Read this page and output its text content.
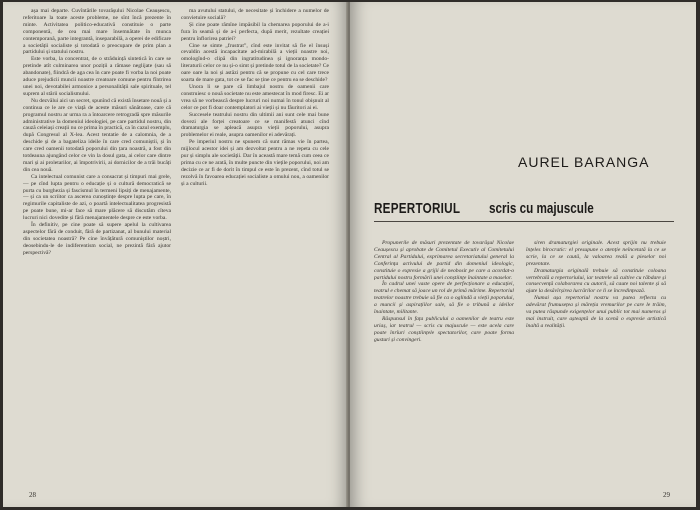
așa mai departe. Cuvîntările tovarășului Nicolae Ceaușescu, referitoare la toate aceste probleme, ne sînt încă prezente în minte. Activitatea politico-educativă constituie o parte componentă, de cea mai mare însemnătate în munca contemporană, parte integrantă, inseparabilă, a operei de edificare a societății socialiste și totodată o preocupare de prim plan a partidului și statului nostru.

Este vorba, la concentrat, de o străduință sintetică în care se pretinde atît culminarea unor poziții a rămase neglijate (sau să abandonate), fiindcă de aga cea în care poate fi vorba la noi poate aduce prejudicii muncii noastre creatoare comune pentru fîntrirea unei noi, devotabilei armonice a personalității sale spirituale, tel suprem al stării socialismului.

Nu dezvălui aici un secret, spunînd că există însetare nouă și a continua ce le are ce viață de aceste măsuri sănătoase, care că programul nostru ar urma ra a întoarcere retrogradă spre măsurile administrative la domeniul ideologiei, pe care partidul nostru, din cauză celeiași creații nu ce prima în practică, ca în cazul exemplu, după Congresul al X-lea. Acest tentatie de a calomnia, de a deschide și de a bagateliza ideile în care cred comuniștii, și în care cred oamenii totodată poporului din țara noastră, a fost din totdeauna ajungând celor ce vin la dosul gata, ai celor care dintre mari și ai proletarilor, ai împotrivirii, ai dornicilor de a trăi bucăți din cea nouă.

Ca intelectual comunist care a consacrat și timpuri mai grele, — pe cînd lupta pentru o educație și o cultură democratică se purta cu burghezia și fascismul în termeni lipsiți de menajamente, — și ca un scriitor ca ascerea cunoștințe despre lupta pe care, în regimurile capitaliste de azi, o poartă intelectualitatea progresistă pe poate bune, mi-ar face să mare plăcere să discutăm cîteva lucruri nici dovedite și fără menajamentele despre ce este vorba.

În definitiv, pe cine poate să supere apelul la cultivarea aspectelor fără de conduit, fără de partizanat, al bunului material din societatea noastră? Pe cine învățătură comuniștilor noștri, deosebindu-le de indiferentism social, ne prezintă fără ajutor perspectivă?

ma avutului statului, de necesitate și închidere a numelor de convietuire socială?

Și cine poate rămîne impăsibil la chemarea poporului de a-i fura în seamă și de a-i perfecta, după merit, rezultate creației pentru înflorirea patriei?

Cine se simte „frustrat”, cînd este invitat să fie el însuși cevaldin acestă incapacitate ad-mirabilă a vieții noastre noi, omologînd-o clipă din ingratitudinea și ignoranța mondo-literaturii celor ce nu și-o simt și pretinde totul de la societate? Ce oare oare la noi și astăzi pentru că se propune cu cel care trece soarta de mare gata, tot ce se fac se ține ce pentru ea se deschide?

Unora li se pare că limbajul nostru de oamenii care construiesc o nouă societate nu este amestecat în mod firesc. Ei ar vrea să ne vorbească despre lucruri noi numai în tonul obișnuit al celor ce pot fi doar contemplatori ai vieții și nu făuritori ai ei.

Succesele teatrului nostru din ultimii ani sunt cele mai bune dovezi ale forței creatoare ce se manifestă atunci cînd dramaturgia se apleacă asupra vieții poporului, asupra problemelor ei reale, asupra oamenilor ei adevărați.

Pe imperiul nostru ne spunem că sunt rămas vie în partea, mijlocul acestor idei și am dezvoltat pentru a ne repeta cu cele pur și simplu ale societății. Dar în această mare temă cum ceea ce prima cu ce ne arată, în multe puncte din viețile poporului, noi am decizie ce ar fi de dorit în timpul ce este în prezent, cînd totul se rezolvă în favoarea educației socialiste a omului nou, a oamenilor și a culturii.

28
AUREL BARANGA
REPERTORIUL scris cu majuscule

Propunerile de măsuri prezentate de tovarășul Nicolae Ceaușescu și aprobate de Comitetul Executiv al Comitetului Central al Partidului, exprimarea secretariatului general la Conferința activului de partid din domeniul ideologic, constituie o expresie a grijii de neobosit pe care a acordat-o partidului nostru formării unei conștiințe înaintate a maselor.

În cadrul unei vaste opere de perfecționare a educației, teatrul e chemat să joace un rol de primă mărime. Repertoriul teatrelor noastre trebuie să fie ca o oglindă a vieții poporului, a muncii și aspirațiilor sale, să fie o tribună a ideilor înaintate, militante.

Răspunsul în fața publicului a oamenilor de teatru este uriaș, iar teatrul — scris cu majuscule — este acela care poate înrîuri conștiințele spectatorilor, care poate forma gusturi și convingeri.

siren dramaturgiei originale. Acest sprijin nu trebuie înțeles birocratic: el presupune o atenție neîncetată la ce se scrie, la ce se caută, la valoarea reală a pieselor noi prezentate.

Dramaturgia originală trebuie să constituie coloana vertebrală a repertoriului, iar teatrele să cultive cu răbdare și consecvență colaborarea cu autorii, să caute noi talente și să ajute la desăvîrșirea lucrărilor ce li se încredințează.

Numai așa repertoriul nostru va putea reflecta cu adevărat frumusețea și măreția vremurilor pe care le trăim, va putea răspunde exigențelor unui public tot mai numeros și mai instruit, care așteaptă de la scenă o expresie artistică înaltă a realității.

29
